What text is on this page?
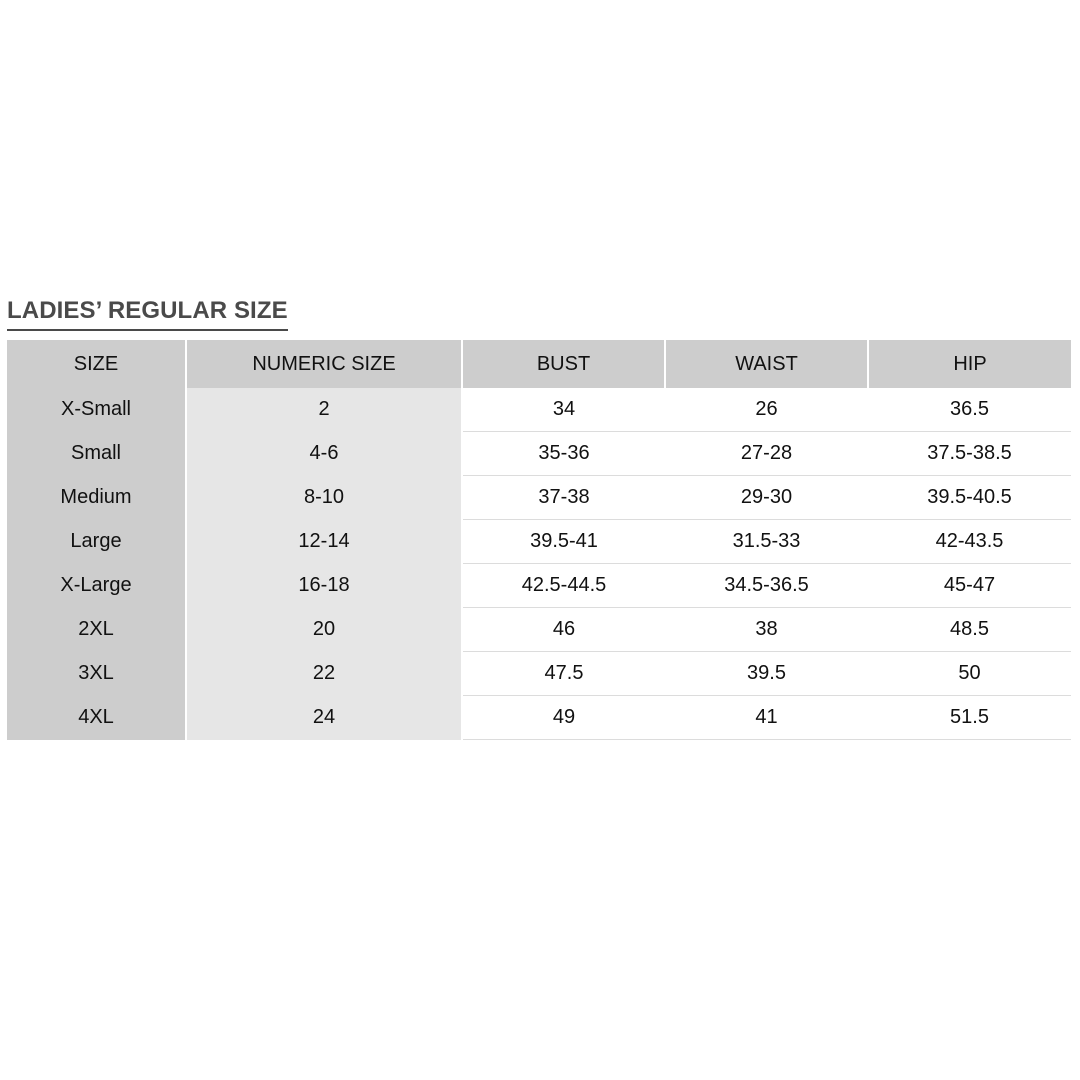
LADIES’ REGULAR SIZE
SIZE	NUMERIC SIZE	BUST	WAIST	HIP
X-Small	2	34	26	36.5
Small	4-6	35-36	27-28	37.5-38.5
Medium	8-10	37-38	29-30	39.5-40.5
Large	12-14	39.5-41	31.5-33	42-43.5
X-Large	16-18	42.5-44.5	34.5-36.5	45-47
2XL	20	46	38	48.5
3XL	22	47.5	39.5	50
4XL	24	49	41	51.5
